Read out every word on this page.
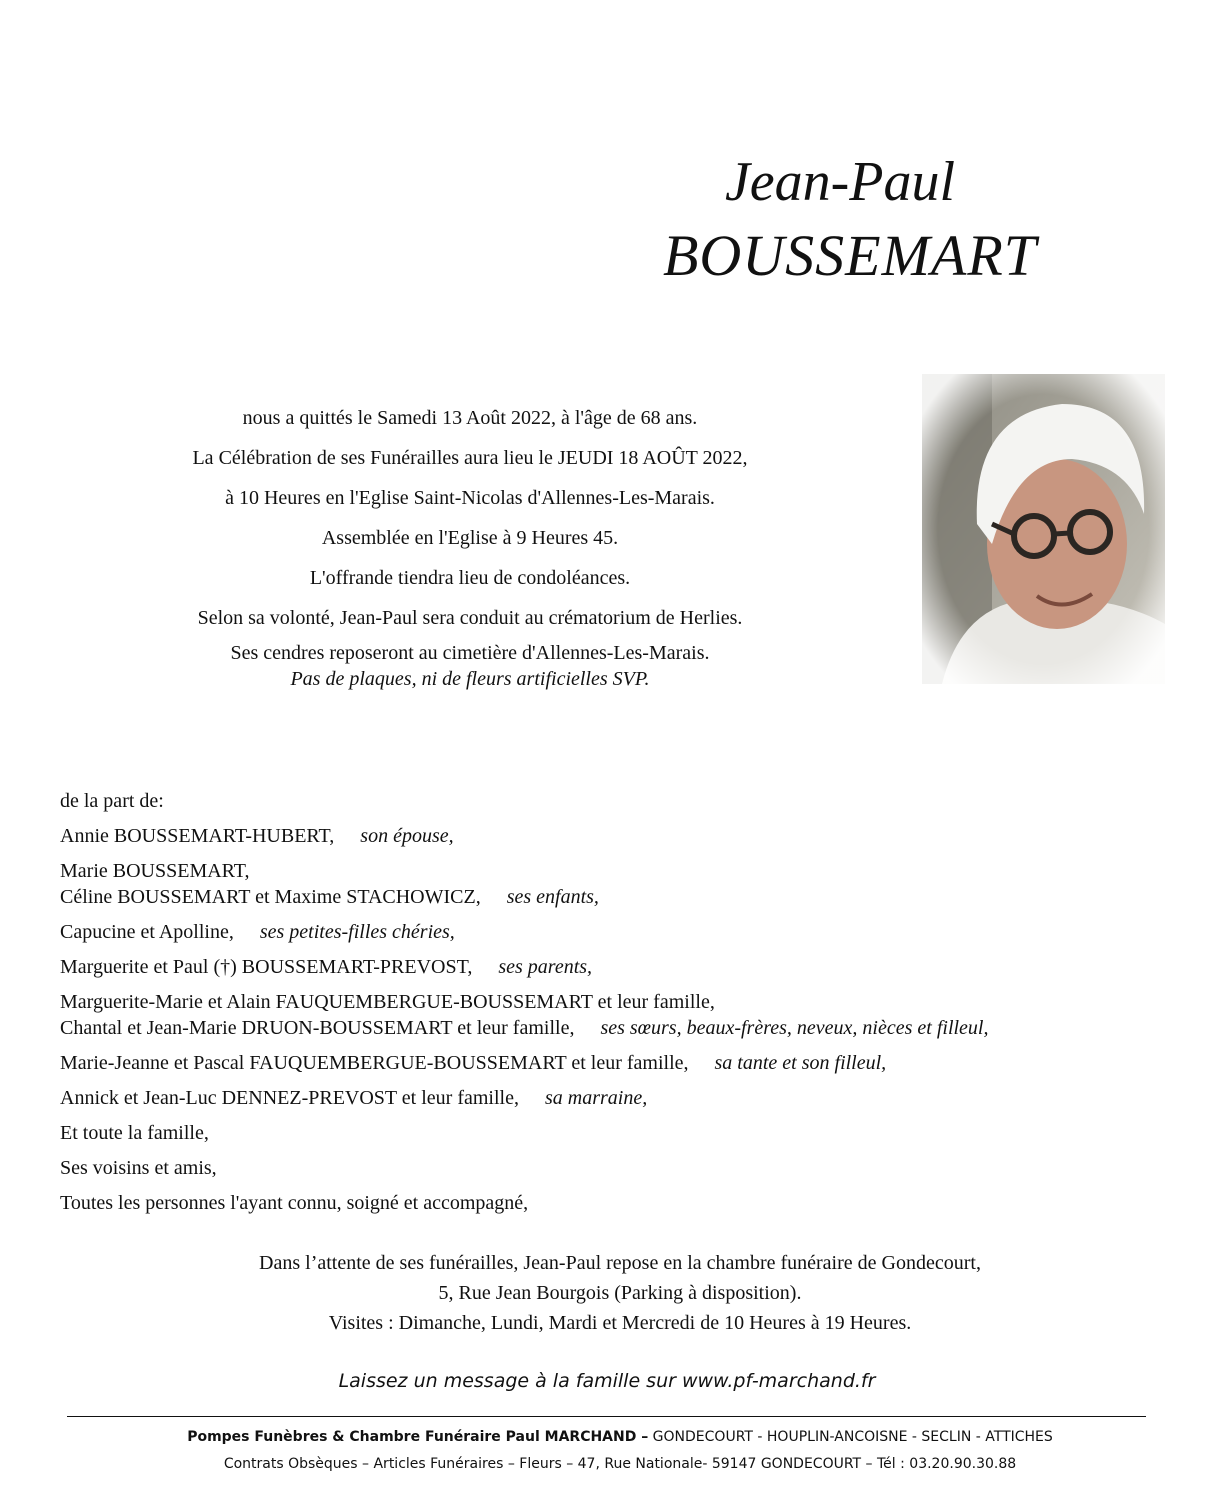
Jean-Paul
BOUSSEMART
nous a quittés le Samedi 13 Août 2022, à l'âge de 68 ans.
La Célébration de ses Funérailles aura lieu le JEUDI 18 AOÛT 2022,
à 10 Heures en l'Eglise Saint-Nicolas d'Allennes-Les-Marais.
Assemblée en l'Eglise à 9 Heures 45.
L'offrande tiendra lieu de condoléances.
Selon sa volonté, Jean-Paul sera conduit au crématorium de Herlies.
Ses cendres reposeront au cimetière d'Allennes-Les-Marais.
Pas de plaques, ni de fleurs artificielles SVP.
de la part de:
Annie BOUSSEMART-HUBERT, son épouse,
Marie BOUSSEMART,
Céline BOUSSEMART et Maxime STACHOWICZ, ses enfants,
Capucine et Apolline, ses petites-filles chéries,
Marguerite et Paul (†) BOUSSEMART-PREVOST, ses parents,
Marguerite-Marie et Alain FAUQUEMBERGUE-BOUSSEMART et leur famille,
Chantal et Jean-Marie DRUON-BOUSSEMART et leur famille, ses sœurs, beaux-frères, neveux, nièces et filleul,
Marie-Jeanne et Pascal FAUQUEMBERGUE-BOUSSEMART et leur famille, sa tante et son filleul,
Annick et Jean-Luc DENNEZ-PREVOST et leur famille, sa marraine,
Et toute la famille,
Ses voisins et amis,
Toutes les personnes l'ayant connu, soigné et accompagné,
Dans l’attente de ses funérailles, Jean-Paul repose en la chambre funéraire de Gondecourt,
5, Rue Jean Bourgois (Parking à disposition).
Visites : Dimanche, Lundi, Mardi et Mercredi de 10 Heures à 19 Heures.
Laissez un message à la famille sur www.pf-marchand.fr
Pompes Funèbres & Chambre Funéraire Paul MARCHAND – GONDECOURT - HOUPLIN-ANCOISNE - SECLIN - ATTICHES
Contrats Obsèques – Articles Funéraires – Fleurs – 47, Rue Nationale- 59147 GONDECOURT – Tél : 03.20.90.30.88
